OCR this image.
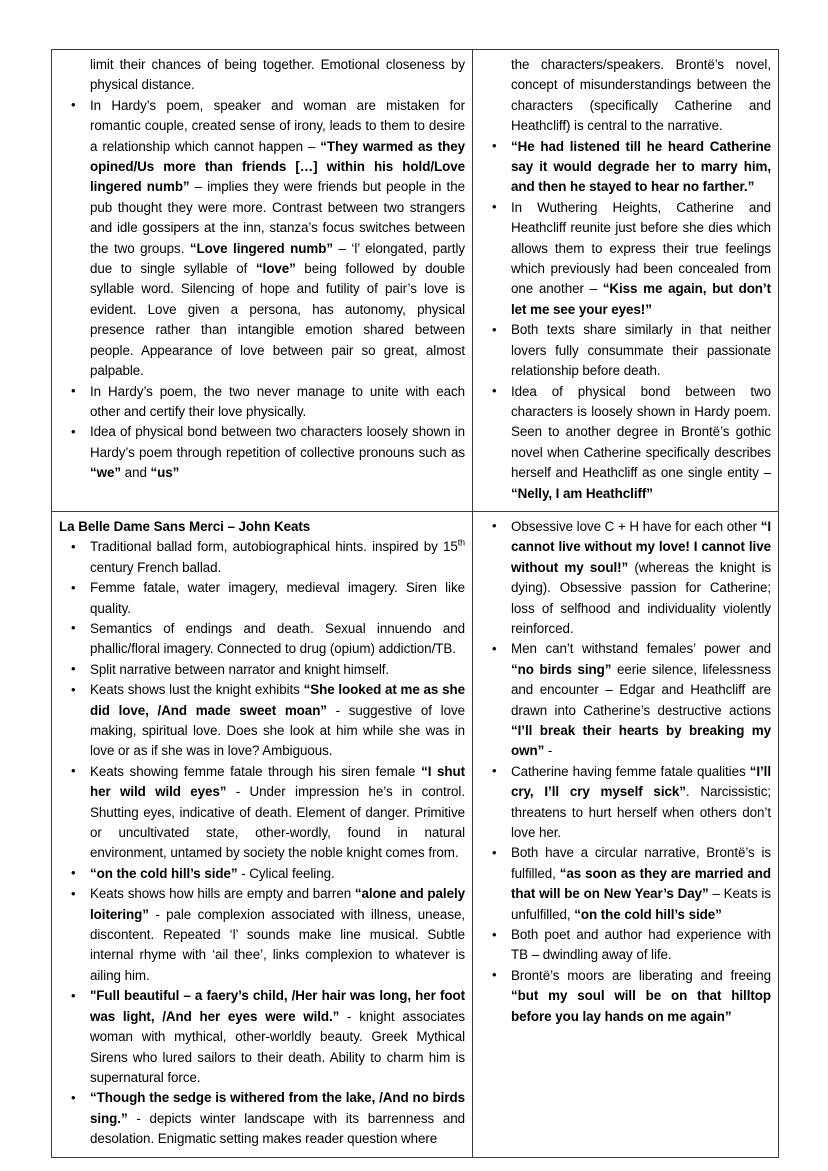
limit their chances of being together. Emotional closeness by physical distance.
• In Hardy’s poem, speaker and woman are mistaken for romantic couple, created sense of irony, leads to them to desire a relationship which cannot happen – “They warmed as they opined/Us more than friends […] within his hold/Love lingered numb” – implies they were friends but people in the pub thought they were more. Contrast between two strangers and idle gossipers at the inn, stanza’s focus switches between the two groups. “Love lingered numb” – ‘l’ elongated, partly due to single syllable of “love” being followed by double syllable word. Silencing of hope and futility of pair’s love is evident. Love given a persona, has autonomy, physical presence rather than intangible emotion shared between people. Appearance of love between pair so great, almost palpable.
• In Hardy’s poem, the two never manage to unite with each other and certify their love physically.
• Idea of physical bond between two characters loosely shown in Hardy’s poem through repetition of collective pronouns such as “we” and “us”

the characters/speakers. Brontë’s novel, concept of misunderstandings between the characters (specifically Catherine and Heathcliff) is central to the narrative.
• “He had listened till he heard Catherine say it would degrade her to marry him, and then he stayed to hear no farther.”
• In Wuthering Heights, Catherine and Heathcliff reunite just before she dies which allows them to express their true feelings which previously had been concealed from one another – “Kiss me again, but don’t let me see your eyes!”
• Both texts share similarly in that neither lovers fully consummate their passionate relationship before death.
• Idea of physical bond between two characters is loosely shown in Hardy poem. Seen to another degree in Brontë’s gothic novel when Catherine specifically describes herself and Heathcliff as one single entity – “Nelly, I am Heathcliff”

La Belle Dame Sans Merci – John Keats
• Traditional ballad form, autobiographical hints. inspired by 15th century French ballad.
• Femme fatale, water imagery, medieval imagery. Siren like quality.
• Semantics of endings and death. Sexual innuendo and phallic/floral imagery. Connected to drug (opium) addiction/TB.
• Split narrative between narrator and knight himself.
• Keats shows lust the knight exhibits “She looked at me as she did love, /And made sweet moan” - suggestive of love making, spiritual love. Does she look at him while she was in love or as if she was in love? Ambiguous.
• Keats showing femme fatale through his siren female “I shut her wild wild eyes” - Under impression he’s in control. Shutting eyes, indicative of death. Element of danger. Primitive or uncultivated state, other-wordly, found in natural environment, untamed by society the noble knight comes from.
• “on the cold hill’s side” - Cylical feeling.
• Keats shows how hills are empty and barren “alone and palely loitering” - pale complexion associated with illness, unease, discontent. Repeated ‘l’ sounds make line musical. Subtle internal rhyme with ‘ail thee’, links complexion to whatever is ailing him.
• "Full beautiful – a faery’s child, /Her hair was long, her foot was light, /And her eyes were wild.” - knight associates woman with mythical, other-worldly beauty. Greek Mythical Sirens who lured sailors to their death. Ability to charm him is supernatural force.
• “Though the sedge is withered from the lake, /And no birds sing.” - depicts winter landscape with its barrenness and desolation. Enigmatic setting makes reader question where

• Obsessive love C + H have for each other “I cannot live without my love! I cannot live without my soul!” (whereas the knight is dying). Obsessive passion for Catherine; loss of selfhood and individuality violently reinforced.
• Men can’t withstand females’ power and “no birds sing” eerie silence, lifelessness and encounter – Edgar and Heathcliff are drawn into Catherine’s destructive actions “I’ll break their hearts by breaking my own” -
• Catherine having femme fatale qualities “I’ll cry, I’ll cry myself sick”. Narcissistic; threatens to hurt herself when others don’t love her.
• Both have a circular narrative, Brontë’s is fulfilled, “as soon as they are married and that will be on New Year’s Day” – Keats is unfulfilled, “on the cold hill’s side”
• Both poet and author had experience with TB – dwindling away of life.
• Brontë’s moors are liberating and freeing “but my soul will be on that hilltop before you lay hands on me again”
